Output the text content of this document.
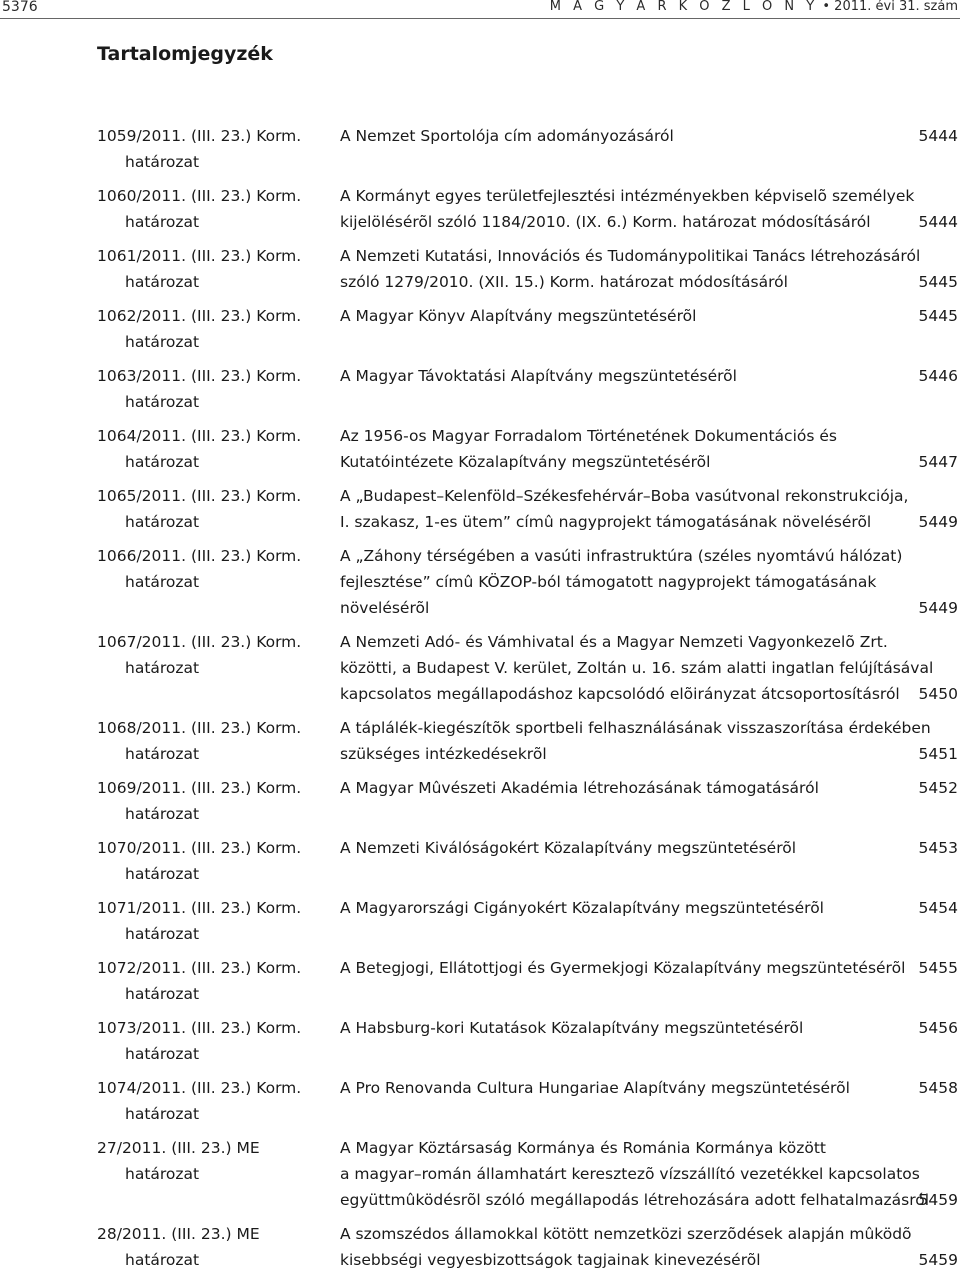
5376	M A G Y A R K Ö Z L Ö N Y • 2011. évi 31. szám
Tartalomjegyzék
1059/2011. (III. 23.) Korm.
határozat
A Nemzet Sportolója cím adományozásáról	5444
1060/2011. (III. 23.) Korm.
határozat
A Kormányt egyes területfejlesztési intézményekben képviselõ személyek
kijelölésérõl szóló 1184/2010. (IX. 6.) Korm. határozat módosításáról	5444
1061/2011. (III. 23.) Korm.
határozat
A Nemzeti Kutatási, Innovációs és Tudománypolitikai Tanács létrehozásáról
szóló 1279/2010. (XII. 15.) Korm. határozat módosításáról	5445
1062/2011. (III. 23.) Korm.
határozat
A Magyar Könyv Alapítvány megszüntetésérõl	5445
1063/2011. (III. 23.) Korm.
határozat
A Magyar Távoktatási Alapítvány megszüntetésérõl	5446
1064/2011. (III. 23.) Korm.
határozat
Az 1956-os Magyar Forradalom Történetének Dokumentációs és
Kutatóintézete Közalapítvány megszüntetésérõl	5447
1065/2011. (III. 23.) Korm.
határozat
A „Budapest–Kelenföld–Székesfehérvár–Boba vasútvonal rekonstrukciója,
I. szakasz, 1-es ütem” címû nagyprojekt támogatásának növelésérõl	5449
1066/2011. (III. 23.) Korm.
határozat
A „Záhony térségében a vasúti infrastruktúra (széles nyomtávú hálózat)
fejlesztése” címû KÖZOP-ból támogatott nagyprojekt támogatásának
növelésérõl	5449
1067/2011. (III. 23.) Korm.
határozat
A Nemzeti Adó- és Vámhivatal és a Magyar Nemzeti Vagyonkezelõ Zrt.
közötti, a Budapest V. kerület, Zoltán u. 16. szám alatti ingatlan felújításával
kapcsolatos megállapodáshoz kapcsolódó elõirányzat átcsoportosításról	5450
1068/2011. (III. 23.) Korm.
határozat
A táplálék-kiegészítõk sportbeli felhasználásának visszaszorítása érdekében
szükséges intézkedésekrõl	5451
1069/2011. (III. 23.) Korm.
határozat
A Magyar Mûvészeti Akadémia létrehozásának támogatásáról	5452
1070/2011. (III. 23.) Korm.
határozat
A Nemzeti Kiválóságokért Közalapítvány megszüntetésérõl	5453
1071/2011. (III. 23.) Korm.
határozat
A Magyarországi Cigányokért Közalapítvány megszüntetésérõl	5454
1072/2011. (III. 23.) Korm.
határozat
A Betegjogi, Ellátottjogi és Gyermekjogi Közalapítvány megszüntetésérõl 5455
1073/2011. (III. 23.) Korm.
határozat
A Habsburg-kori Kutatások Közalapítvány megszüntetésérõl	5456
1074/2011. (III. 23.) Korm.
határozat
A Pro Renovanda Cultura Hungariae Alapítvány megszüntetésérõl	5458
27/2011. (III. 23.) ME
határozat
A Magyar Köztársaság Kormánya és Románia Kormánya között
a magyar–román államhatárt keresztezõ vízszállító vezetékkel kapcsolatos
együttmûködésrõl szóló megállapodás létrehozására adott felhatalmazásról
5459
28/2011. (III. 23.) ME
határozat
A szomszédos államokkal kötött nemzetközi szerzõdések alapján mûködõ
kisebbségi vegyesbizottságok tagjainak kinevezésérõl	5459
